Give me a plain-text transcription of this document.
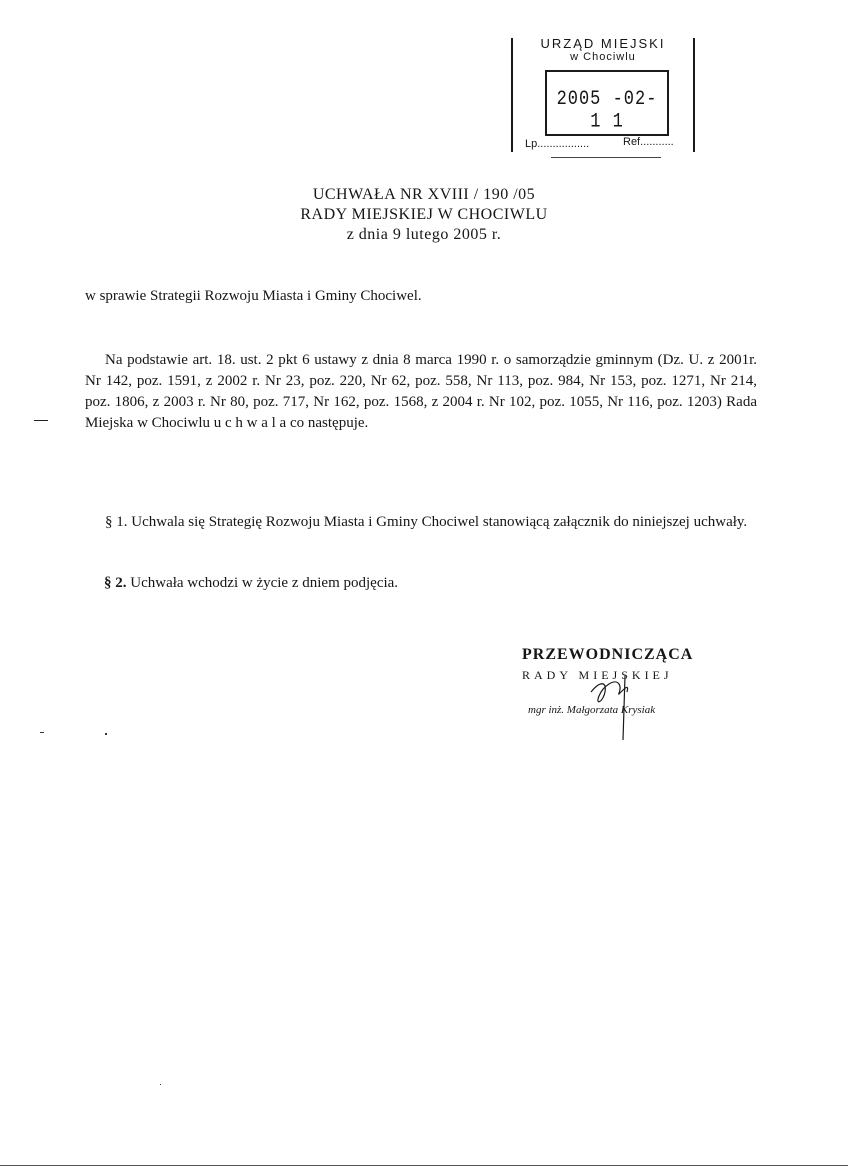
URZĄD MIEJSKI
w Chociwlu
2005 -02- 1 1
Lp.................	Ref...........
UCHWAŁA NR XVIII / 190 /05
RADY MIEJSKIEJ W CHOCIWLU
z dnia 9 lutego 2005 r.
w sprawie Strategii Rozwoju Miasta i Gminy Chociwel.
Na podstawie art. 18. ust. 2 pkt 6 ustawy z dnia 8 marca 1990 r. o samorządzie gminnym (Dz. U. z 2001r. Nr 142, poz. 1591, z 2002 r. Nr 23, poz. 220, Nr 62, poz. 558, Nr 113, poz. 984, Nr 153, poz. 1271, Nr 214, poz. 1806, z 2003 r. Nr 80, poz. 717, Nr 162, poz. 1568, z 2004 r. Nr 102, poz. 1055, Nr 116, poz. 1203) Rada Miejska w Chociwlu u c h w a l a co następuje.
§ 1. Uchwala się Strategię Rozwoju Miasta i Gminy Chociwel stanowiącą załącznik do niniejszej uchwały.
§ 2. Uchwała wchodzi w życie z dniem podjęcia.
PRZEWODNICZĄCA
RADY MIEJSKIEJ
mgr inż. Małgorzata Krysiak
